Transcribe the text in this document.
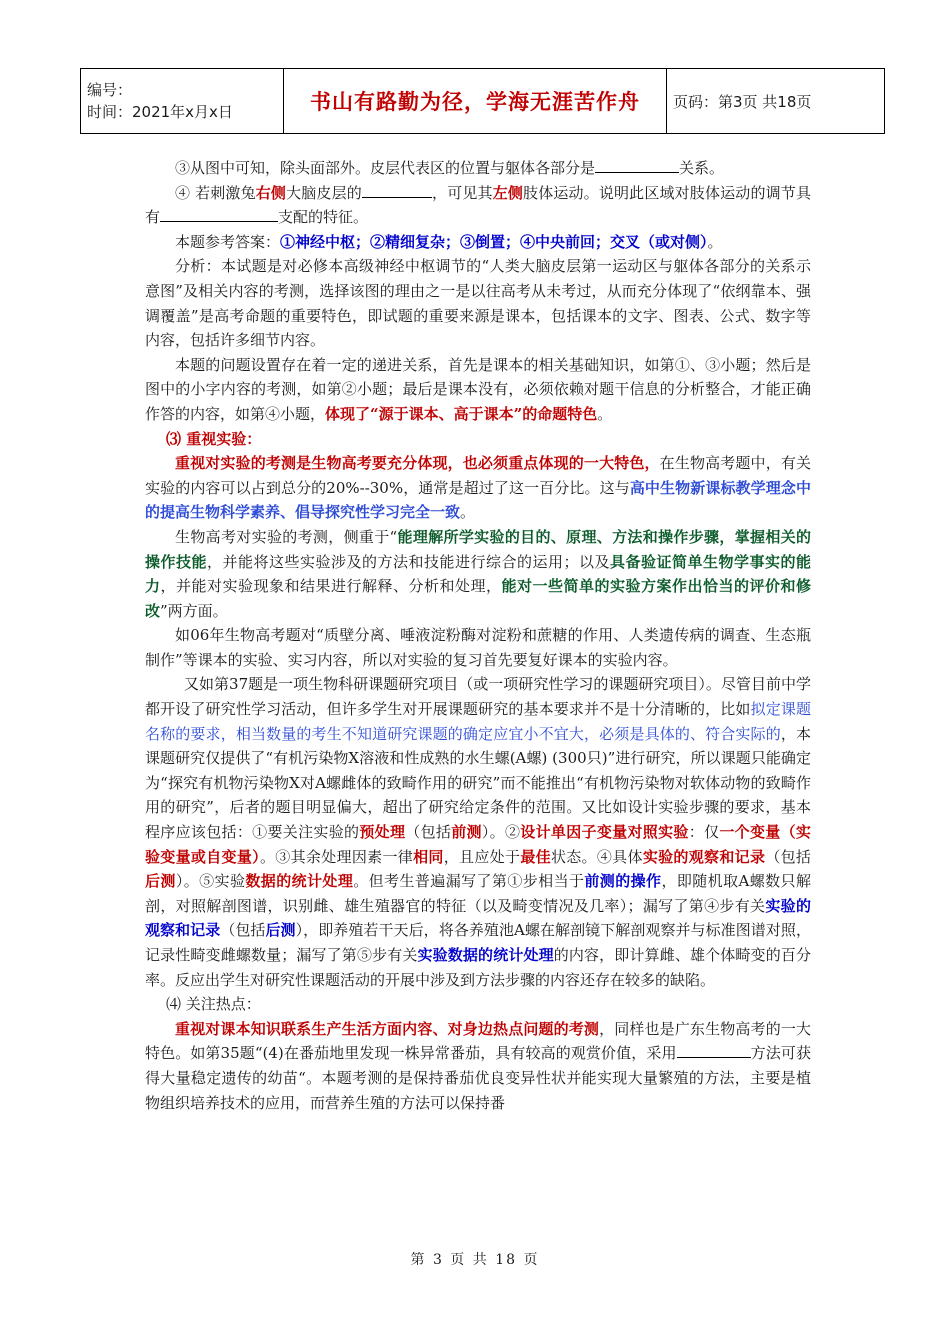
编号：
时间：2021年x月x日	书山有路勤为径，学海无涯苦作舟	页码：第3页 共18页

③从图中可知，除头面部外。皮层代表区的位置与躯体各部分是	关系。

④ 若刺激兔右侧大脑皮层的	，可见其左侧肢体运动。说明此区域对肢体运动的调节具有	支配的特征。

本题参考答案：①神经中枢；②精细复杂；③倒置；④中央前回；交叉（或对侧）。

分析：本试题是对必修本高级神经中枢调节的“人类大脑皮层第一运动区与躯体各部分的关系示意图”及相关内容的考测，选择该图的理由之一是以往高考从未考过，从而充分体现了“依纲靠本、强调覆盖”是高考命题的重要特色，即试题的重要来源是课本，包括课本的文字、图表、公式、数字等内容，包括许多细节内容。

本题的问题设置存在着一定的递进关系，首先是课本的相关基础知识，如第①、③小题；然后是图中的小字内容的考测，如第②小题；最后是课本没有，必须依赖对题干信息的分析整合，才能正确作答的内容，如第④小题，体现了“源于课本、高于课本”的命题特色。

⑶ 重视实验：

重视对实验的考测是生物高考要充分体现，也必须重点体现的一大特色，在生物高考题中，有关实验的内容可以占到总分的20%--30%，通常是超过了这一百分比。这与高中生物新课标教学理念中的提高生物科学素养、倡导探究性学习完全一致。

生物高考对实验的考测，侧重于“能理解所学实验的目的、原理、方法和操作步骤，掌握相关的操作技能，并能将这些实验涉及的方法和技能进行综合的运用；以及具备验证简单生物学事实的能力，并能对实验现象和结果进行解释、分析和处理，能对一些简单的实验方案作出恰当的评价和修改”两方面。

如06年生物高考题对“质壁分离、唾液淀粉酶对淀粉和蔗糖的作用、人类遗传病的调查、生态瓶制作”等课本的实验、实习内容，所以对实验的复习首先要复好课本的实验内容。

又如第37题是一项生物科研课题研究项目（或一项研究性学习的课题研究项目）。尽管目前中学都开设了研究性学习活动，但许多学生对开展课题研究的基本要求并不是十分清晰的，比如拟定课题名称的要求，相当数量的考生不知道研究课题的确定应宜小不宜大，必须是具体的、符合实际的，本课题研究仅提供了“有机污染物X溶液和性成熟的水生螺(A螺) (300只)”进行研究，所以课题只能确定为“探究有机物污染物X对A螺雌体的致畸作用的研究”而不能推出“有机物污染物对软体动物的致畸作用的研究”，后者的题目明显偏大，超出了研究给定条件的范围。又比如设计实验步骤的要求，基本程序应该包括：①要关注实验的预处理（包括前测）。②设计单因子变量对照实验：仅一个变量（实验变量或自变量）。③其余处理因素一律相同，且应处于最佳状态。④具体实验的观察和记录（包括后测）。⑤实验数据的统计处理。但考生普遍漏写了第①步相当于前测的操作，即随机取A螺数只解剖，对照解剖图谱，识别雌、雄生殖器官的特征（以及畸变情况及几率）；漏写了第④步有关实验的观察和记录（包括后测），即养殖若干天后，将各养殖池A螺在解剖镜下解剖观察并与标准图谱对照，记录性畸变雌螺数量；漏写了第⑤步有关实验数据的统计处理的内容，即计算雌、雄个体畸变的百分率。反应出学生对研究性课题活动的开展中涉及到方法步骤的内容还存在较多的缺陷。

⑷ 关注热点：

重视对课本知识联系生产生活方面内容、对身边热点问题的考测，同样也是广东生物高考的一大特色。如第35题“(4)在番茄地里发现一株异常番茄，具有较高的观赏价值，采用	方法可获得大量稳定遗传的幼苗“。本题考测的是保持番茄优良变异性状并能实现大量繁殖的方法，主要是植物组织培养技术的应用，而营养生殖的方法可以保持番

第 3 页 共 18 页
